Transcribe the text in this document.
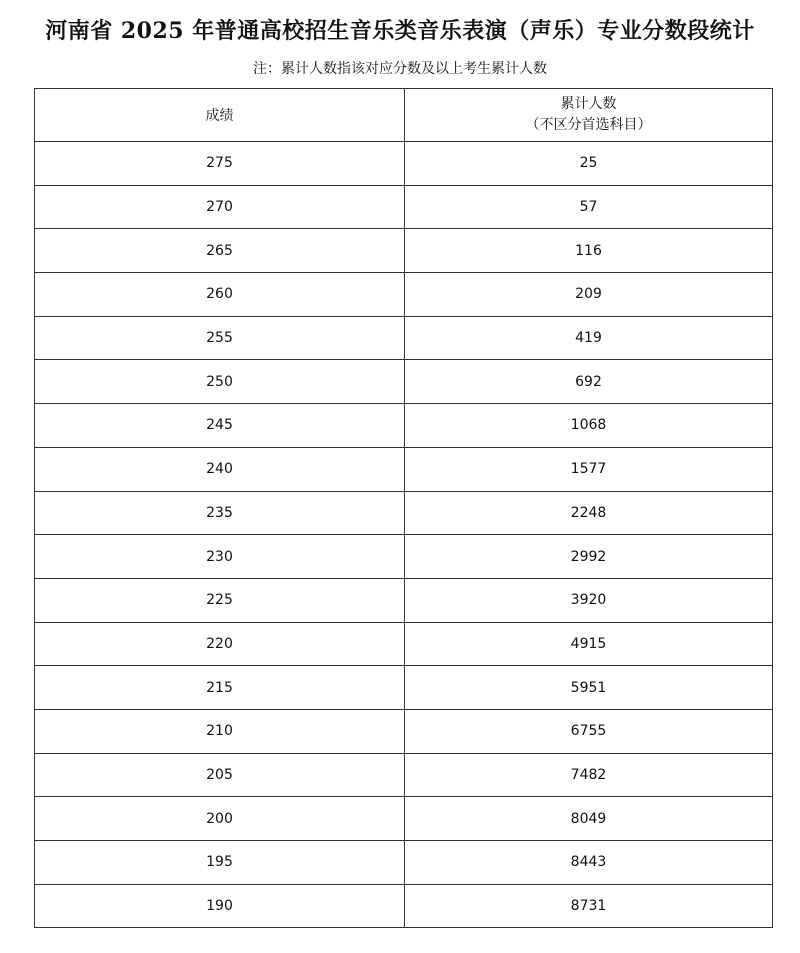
河南省 2025 年普通高校招生音乐类音乐表演（声乐）专业分数段统计
注：累计人数指该对应分数及以上考生累计人数
成绩	累计人数
（不区分首选科目）

275	25
270	57
265	116
260	209
255	419
250	692
245	1068
240	1577
235	2248
230	2992
225	3920
220	4915
215	5951
210	6755
205	7482
200	8049
195	8443
190	8731
